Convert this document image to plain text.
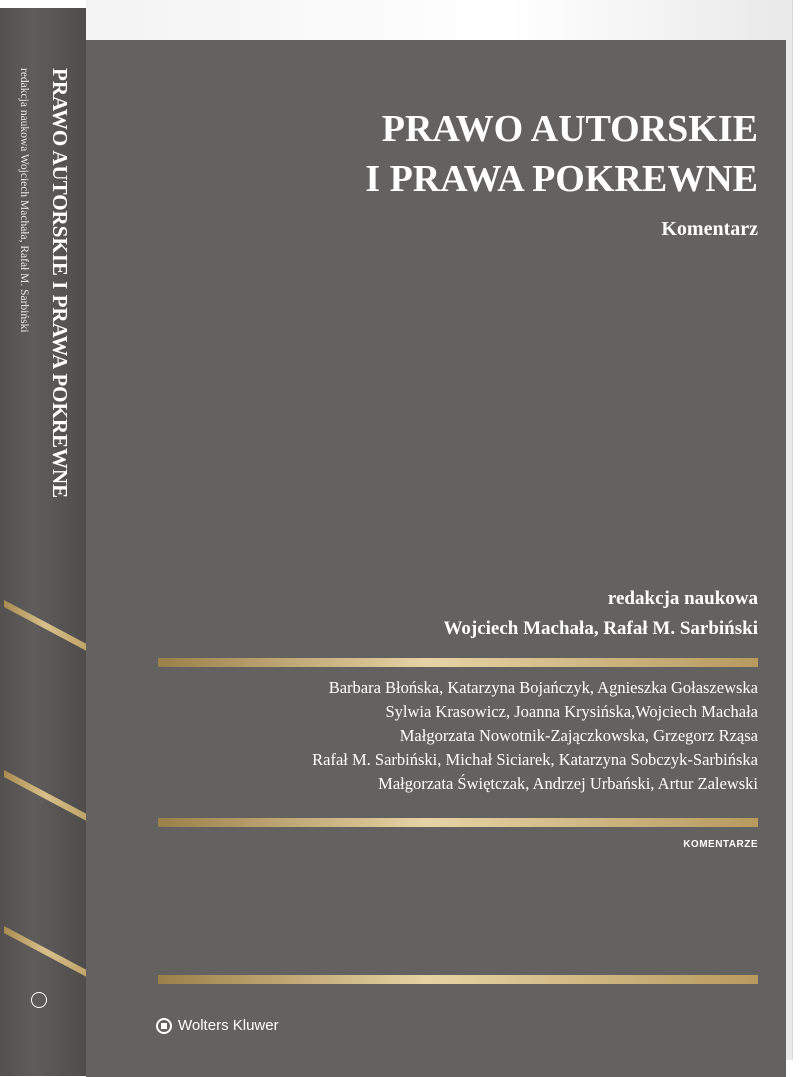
PRAWO AUTORSKIE I PRAWA POKREWNE
redakcja naukowa Wojciech Machała, Rafał M. Sarbiński	PRAWO AUTORSKIE
I PRAWA POKREWNE
Komentarz
redakcja naukowa
Wojciech Machała, Rafał M. Sarbiński
Barbara Błońska, Katarzyna Bojańczyk, Agnieszka Gołaszewska
Sylwia Krasowicz, Joanna Krysińska,Wojciech Machała
Małgorzata Nowotnik-Zajączkowska, Grzegorz Rząsa
Rafał M. Sarbiński, Michał Siciarek, Katarzyna Sobczyk-Sarbińska
Małgorzata Świętczak, Andrzej Urbański, Artur Zalewski
KOMENTARZE
Wolters Kluwer
